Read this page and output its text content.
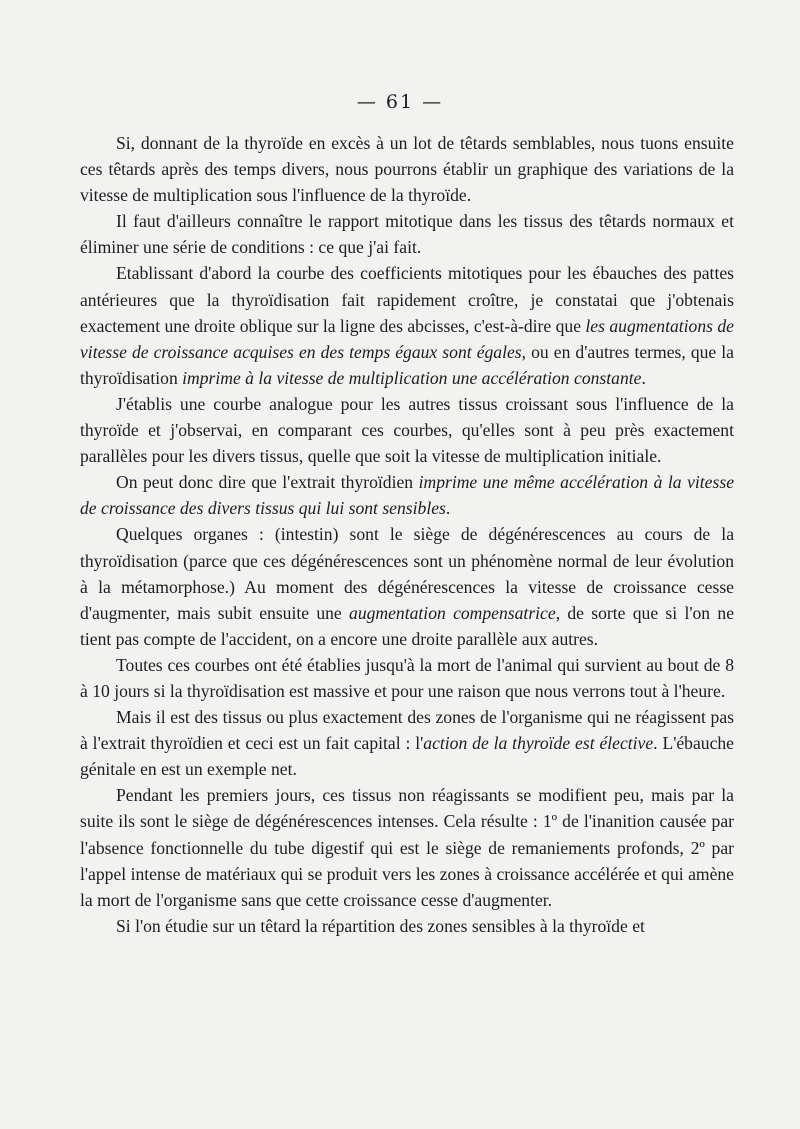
— 61 —

Si, donnant de la thyroïde en excès à un lot de têtards semblables, nous tuons ensuite ces têtards après des temps divers, nous pourrons établir un graphique des variations de la vitesse de multiplication sous l'influence de la thyroïde.

Il faut d'ailleurs connaître le rapport mitotique dans les tissus des têtards normaux et éliminer une série de conditions : ce que j'ai fait.

Etablissant d'abord la courbe des coefficients mitotiques pour les ébauches des pattes antérieures que la thyroïdisation fait rapidement croître, je constatai que j'obtenais exactement une droite oblique sur la ligne des abcisses, c'est-à-dire que les augmentations de vitesse de croissance acquises en des temps égaux sont égales, ou en d'autres termes, que la thyroïdisation imprime à la vitesse de multiplication une accélération constante.

J'établis une courbe analogue pour les autres tissus croissant sous l'influence de la thyroïde et j'observai, en comparant ces courbes, qu'elles sont à peu près exactement parallèles pour les divers tissus, quelle que soit la vitesse de multiplication initiale.

On peut donc dire que l'extrait thyroïdien imprime une même accélération à la vitesse de croissance des divers tissus qui lui sont sensibles.

Quelques organes : (intestin) sont le siège de dégénérescences au cours de la thyroïdisation (parce que ces dégénérescences sont un phénomène normal de leur évolution à la métamorphose.) Au moment des dégénérescences la vitesse de croissance cesse d'augmenter, mais subit ensuite une augmentation compensatrice, de sorte que si l'on ne tient pas compte de l'accident, on a encore une droite parallèle aux autres.

Toutes ces courbes ont été établies jusqu'à la mort de l'animal qui survient au bout de 8 à 10 jours si la thyroïdisation est massive et pour une raison que nous verrons tout à l'heure.

Mais il est des tissus ou plus exactement des zones de l'organisme qui ne réagissent pas à l'extrait thyroïdien et ceci est un fait capital : l'action de la thyroïde est élective. L'ébauche génitale en est un exemple net.

Pendant les premiers jours, ces tissus non réagissants se modifient peu, mais par la suite ils sont le siège de dégénérescences intenses. Cela résulte : 1º de l'inanition causée par l'absence fonctionnelle du tube digestif qui est le siège de remaniements profonds, 2º par l'appel intense de matériaux qui se produit vers les zones à croissance accélérée et qui amène la mort de l'organisme sans que cette croissance cesse d'augmenter.

Si l'on étudie sur un têtard la répartition des zones sensibles à la thyroïde et
